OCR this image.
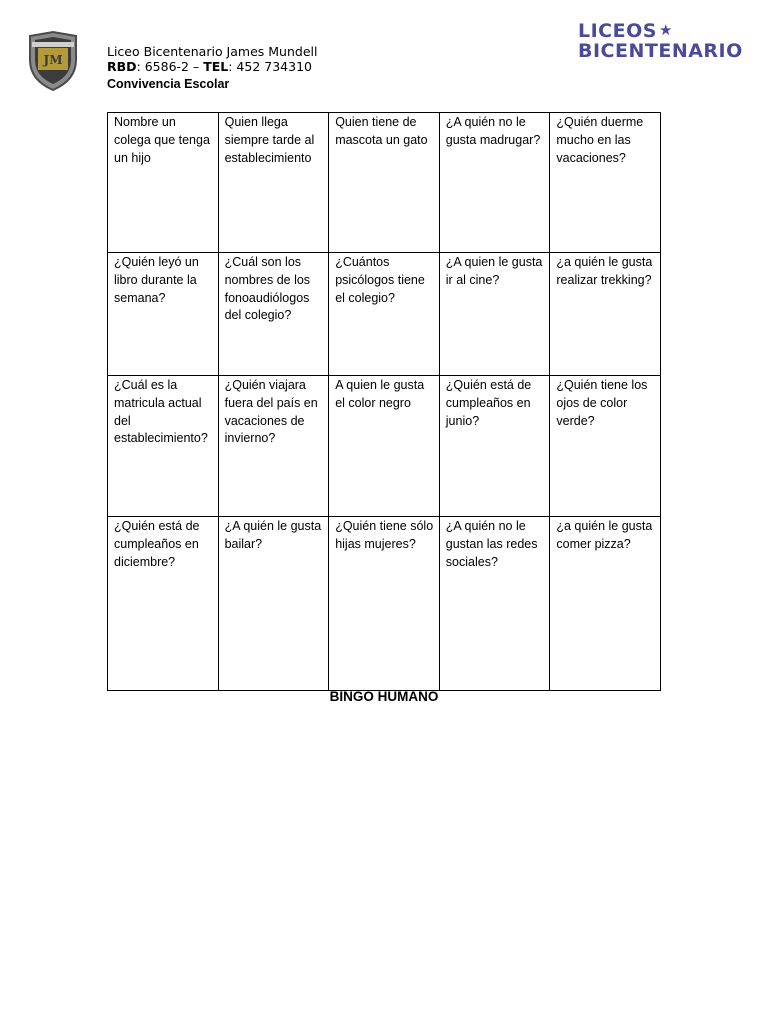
JM
Liceo Bicentenario James Mundell
RBD: 6586-2 – TEL: 452 734310
Convivencia Escolar
LICEOS ★
BICENTENARIO
Nombre un colega que tenga un hijo	Quien llega siempre tarde al establecimiento	Quien tiene de mascota un gato	¿A quién no le gusta madrugar?	¿Quién duerme mucho en las vacaciones?
¿Quién leyó un libro durante la semana?	¿Cuál son los nombres de los fonoaudiólogos del colegio?	¿Cuántos psicólogos tiene el colegio?	¿A quien le gusta ir al cine?	¿a quién le gusta realizar trekking?
¿Cuál es la matricula actual del establecimiento?	¿Quién viajara fuera del país en vacaciones de invierno?	A quien le gusta el color negro	¿Quién está de cumpleaños en junio?	¿Quién tiene los ojos de color verde?
¿Quién está de cumpleaños en diciembre?	¿A quién le gusta bailar?	¿Quién tiene sólo hijas mujeres?	¿A quién no le gustan las redes sociales?	¿a quién le gusta comer pizza?
BINGO HUMANO
